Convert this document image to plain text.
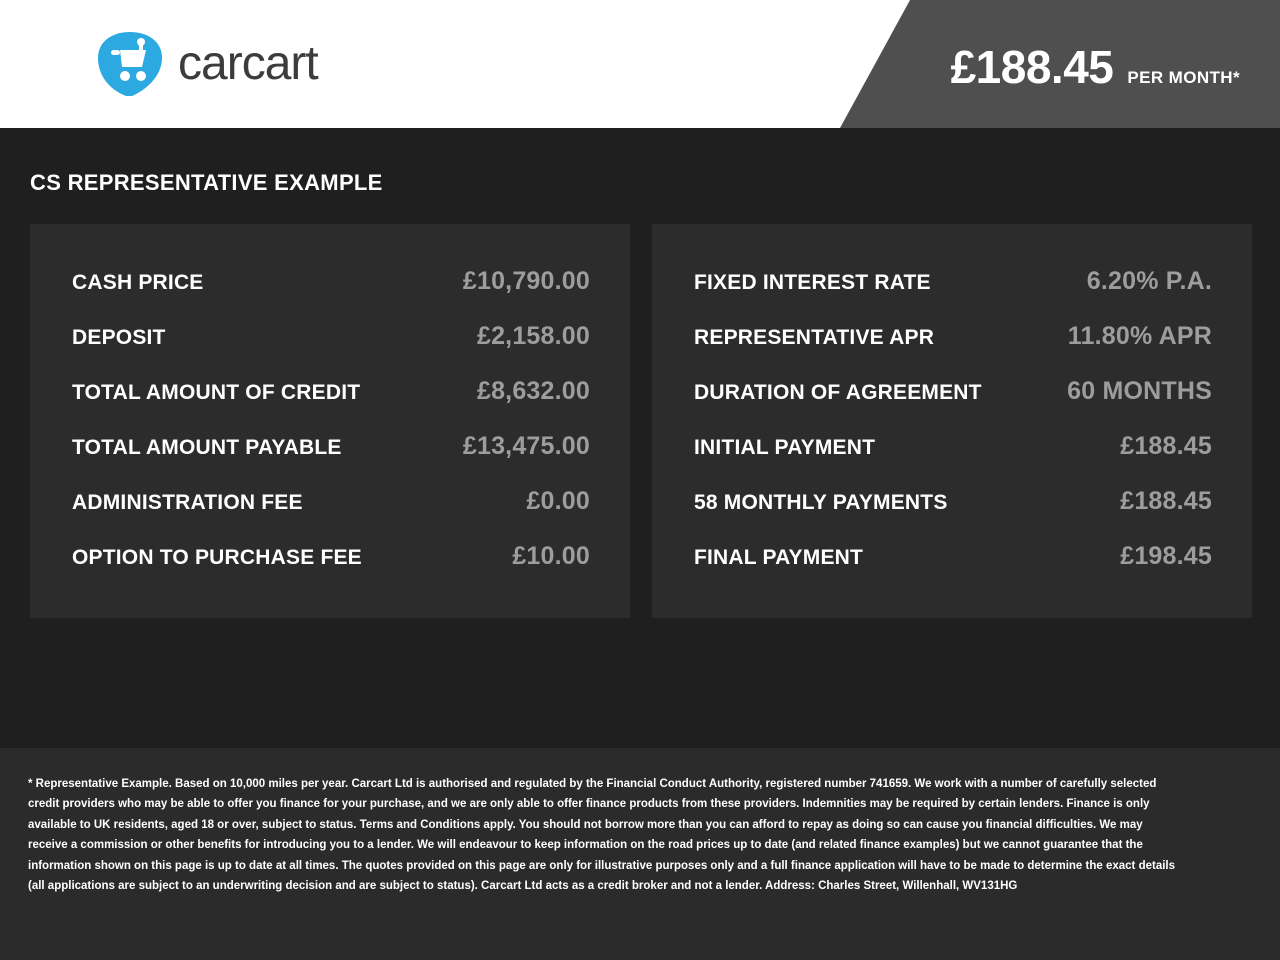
carcart	£188.45 PER MONTH*
CS REPRESENTATIVE EXAMPLE
CASH PRICE	£10,790.00
DEPOSIT	£2,158.00
TOTAL AMOUNT OF CREDIT	£8,632.00
TOTAL AMOUNT PAYABLE	£13,475.00
ADMINISTRATION FEE	£0.00
OPTION TO PURCHASE FEE	£10.00
FIXED INTEREST RATE	6.20% P.A.
REPRESENTATIVE APR	11.80% APR
DURATION OF AGREEMENT	60 MONTHS
INITIAL PAYMENT	£188.45
58 MONTHLY PAYMENTS	£188.45
FINAL PAYMENT	£198.45

* Representative Example. Based on 10,000 miles per year. Carcart Ltd is authorised and regulated by the Financial Conduct Authority, registered number 741659. We work with a number of carefully selected credit providers who may be able to offer you finance for your purchase, and we are only able to offer finance products from these providers. Indemnities may be required by certain lenders. Finance is only available to UK residents, aged 18 or over, subject to status. Terms and Conditions apply. You should not borrow more than you can afford to repay as doing so can cause you financial difficulties. We may receive a commission or other benefits for introducing you to a lender. We will endeavour to keep information on the road prices up to date (and related finance examples) but we cannot guarantee that the information shown on this page is up to date at all times. The quotes provided on this page are only for illustrative purposes only and a full finance application will have to be made to determine the exact details (all applications are subject to an underwriting decision and are subject to status). Carcart Ltd acts as a credit broker and not a lender. Address: Charles Street, Willenhall, WV131HG
